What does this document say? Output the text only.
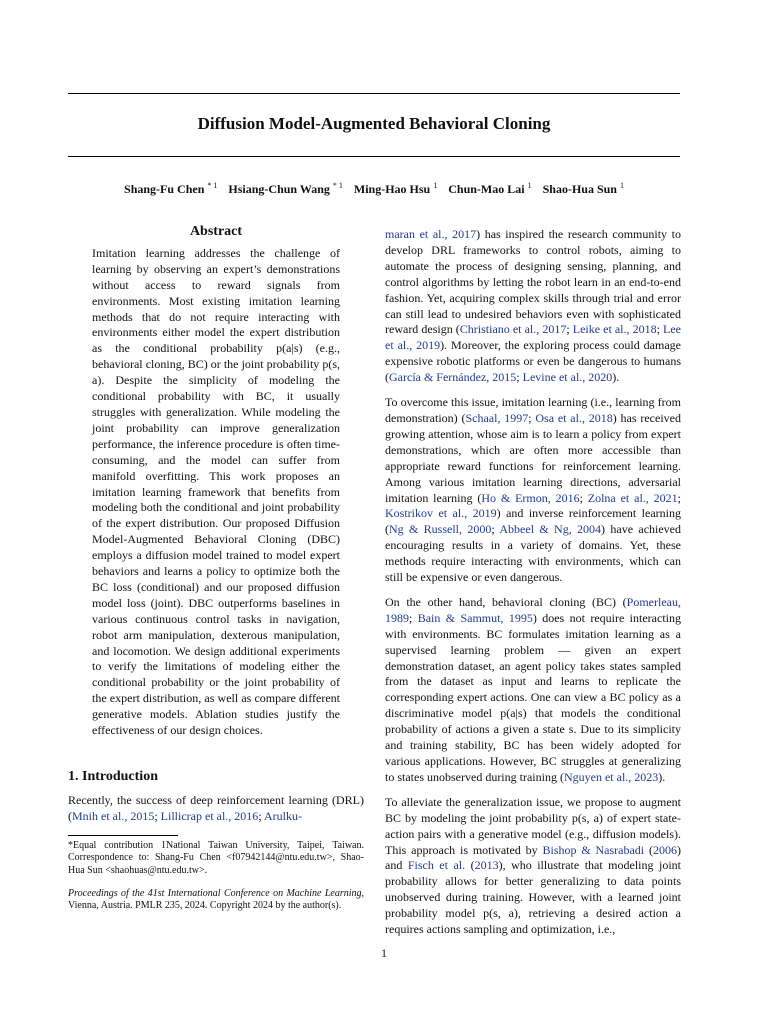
Diffusion Model-Augmented Behavioral Cloning
Shang-Fu Chen $^{* 1}$ Hsiang-Chun Wang $^{* 1}$ Ming-Hao Hsu $^1$ Chun-Mao Lai $^1$ Shao-Hua Sun $^1$
Abstract

Imitation learning addresses the challenge of learning by observing an expert’s demonstrations without access to reward signals from environments. Most existing imitation learning methods that do not require interacting with environments either model the expert distribution as the conditional probability p(a|s) (e.g., behavioral cloning, BC) or the joint probability p(s, a). Despite the simplicity of modeling the conditional probability with BC, it usually struggles with generalization. While modeling the joint probability can improve generalization performance, the inference procedure is often time-consuming, and the model can suffer from manifold overfitting. This work proposes an imitation learning framework that benefits from modeling both the conditional and joint probability of the expert distribution. Our proposed Diffusion Model-Augmented Behavioral Cloning (DBC) employs a diffusion model trained to model expert behaviors and learns a policy to optimize both the BC loss (conditional) and our proposed diffusion model loss (joint). DBC outperforms baselines in various continuous control tasks in navigation, robot arm manipulation, dexterous manipulation, and locomotion. We design additional experiments to verify the limitations of modeling either the conditional probability or the joint probability of the expert distribution, as well as compare different generative models. Ablation studies justify the effectiveness of our design choices.

1. Introduction

Recently, the success of deep reinforcement learning (DRL) (Mnih et al., 2015; Lillicrap et al., 2016; Arulku-

*Equal contribution 1National Taiwan University, Taipei, Taiwan. Correspondence to: Shang-Fu Chen <f07942144@ntu.edu.tw>, Shao-Hua Sun <shaohuas@ntu.edu.tw>.

Proceedings of the 41st International Conference on Machine Learning, Vienna, Austria. PMLR 235, 2024. Copyright 2024 by the author(s).

maran et al., 2017) has inspired the research community to develop DRL frameworks to control robots, aiming to automate the process of designing sensing, planning, and control algorithms by letting the robot learn in an end-to-end fashion. Yet, acquiring complex skills through trial and error can still lead to undesired behaviors even with sophisticated reward design (Christiano et al., 2017; Leike et al., 2018; Lee et al., 2019). Moreover, the exploring process could damage expensive robotic platforms or even be dangerous to humans (García & Fernández, 2015; Levine et al., 2020).

To overcome this issue, imitation learning (i.e., learning from demonstration) (Schaal, 1997; Osa et al., 2018) has received growing attention, whose aim is to learn a policy from expert demonstrations, which are often more accessible than appropriate reward functions for reinforcement learning. Among various imitation learning directions, adversarial imitation learning (Ho & Ermon, 2016; Zolna et al., 2021; Kostrikov et al., 2019) and inverse reinforcement learning (Ng & Russell, 2000; Abbeel & Ng, 2004) have achieved encouraging results in a variety of domains. Yet, these methods require interacting with environments, which can still be expensive or even dangerous.

On the other hand, behavioral cloning (BC) (Pomerleau, 1989; Bain & Sammut, 1995) does not require interacting with environments. BC formulates imitation learning as a supervised learning problem — given an expert demonstration dataset, an agent policy takes states sampled from the dataset as input and learns to replicate the corresponding expert actions. One can view a BC policy as a discriminative model p(a|s) that models the conditional probability of actions a given a state s. Due to its simplicity and training stability, BC has been widely adopted for various applications. However, BC struggles at generalizing to states unobserved during training (Nguyen et al., 2023).

To alleviate the generalization issue, we propose to augment BC by modeling the joint probability p(s, a) of expert state-action pairs with a generative model (e.g., diffusion models). This approach is motivated by Bishop & Nasrabadi (2006) and Fisch et al. (2013), who illustrate that modeling joint probability allows for better generalizing to data points unobserved during training. However, with a learned joint probability model p(s, a), retrieving a desired action a requires actions sampling and optimization, i.e.,

1
